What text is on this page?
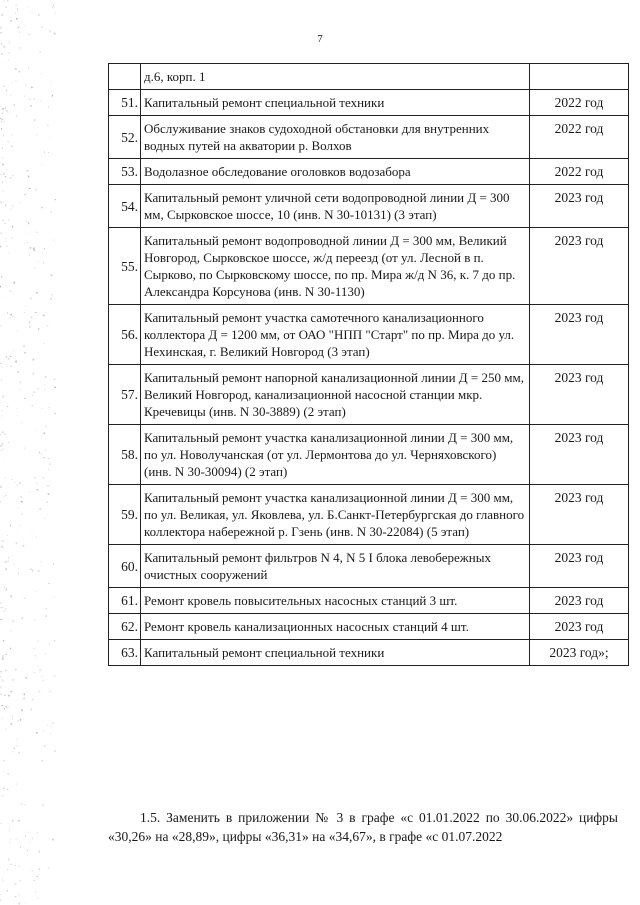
7
	д.6, корп. 1	
51.	Капитальный ремонт специальной техники	2022 год
52.	Обслуживание знаков судоходной обстановки для внутренних водных путей на акватории р. Волхов	2022 год
53.	Водолазное обследование оголовков водозабора	2022 год
54.	Капитальный ремонт уличной сети водопроводной линии Д = 300 мм, Сырковское шоссе, 10 (инв. N 30-10131) (3 этап)	2023 год
55.	Капитальный ремонт водопроводной линии Д = 300 мм, Великий Новгород, Сырковское шоссе, ж/д переезд (от ул. Лесной в п. Сырково, по Сырковскому шоссе, по пр. Мира ж/д N 36, к. 7 до пр. Александра Корсунова (инв. N 30-1130)	2023 год
56.	Капитальный ремонт участка самотечного канализационного коллектора Д = 1200 мм, от ОАО "НПП "Старт" по пр. Мира до ул. Нехинская, г. Великий Новгород (3 этап)	2023 год
57.	Капитальный ремонт напорной канализационной линии Д = 250 мм, Великий Новгород, канализационной насосной станции мкр. Кречевицы (инв. N 30-3889) (2 этап)	2023 год
58.	Капитальный ремонт участка канализационной линии Д = 300 мм, по ул. Новолучанская (от ул. Лермонтова до ул. Черняховского) (инв. N 30-30094) (2 этап)	2023 год
59.	Капитальный ремонт участка канализационной линии Д = 300 мм, по ул. Великая, ул. Яковлева, ул. Б.Санкт-Петербургская до главного коллектора набережной р. Гзень (инв. N 30-22084) (5 этап)	2023 год
60.	Капитальный ремонт фильтров N 4, N 5 I блока левобережных очистных сооружений	2023 год
61.	Ремонт кровель повысительных насосных станций 3 шт.	2023 год
62.	Ремонт кровель канализационных насосных станций 4 шт.	2023 год
63.	Капитальный ремонт специальной техники	2023 год»;

1.5. Заменить в приложении № 3 в графе «с 01.01.2022 по 30.06.2022» цифры «30,26» на «28,89», цифры «36,31» на «34,67», в графе «с 01.07.2022
